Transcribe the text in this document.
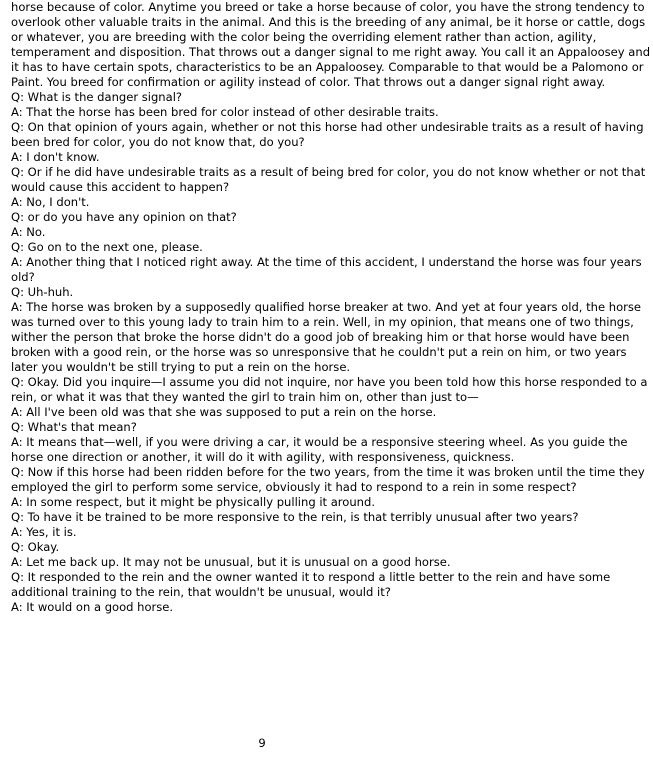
horse because of color. Anytime you breed or take a horse because of color, you have the strong tendency to overlook other valuable traits in the animal. And this is the breeding of any animal, be it horse or cattle, dogs or whatever, you are breeding with the color being the overriding element rather than action, agility, temperament and disposition. That throws out a danger signal to me right away. You call it an Appaloosey and it has to have certain spots, characteristics to be an Appaloosey. Comparable to that would be a Palomono or Paint. You breed for confirmation or agility instead of color. That throws out a danger signal right away.

Q: What is the danger signal?

A: That the horse has been bred for color instead of other desirable traits.

Q: On that opinion of yours again, whether or not this horse had other undesirable traits as a result of having been bred for color, you do not know that, do you?

A: I don't know.

Q: Or if he did have undesirable traits as a result of being bred for color, you do not know whether or not that would cause this accident to happen?

A: No, I don't.

Q: or do you have any opinion on that?

A: No.

Q: Go on to the next one, please.

A: Another thing that I noticed right away. At the time of this accident, I understand the horse was four years old?

Q: Uh-huh.

A: The horse was broken by a supposedly qualified horse breaker at two. And yet at four years old, the horse was turned over to this young lady to train him to a rein. Well, in my opinion, that means one of two things, wither the person that broke the horse didn't do a good job of breaking him or that horse would have been broken with a good rein, or the horse was so unresponsive that he couldn't put a rein on him, or two years later you wouldn't be still trying to put a rein on the horse.

Q: Okay. Did you inquire—I assume you did not inquire, nor have you been told how this horse responded to a rein, or what it was that they wanted the girl to train him on, other than just to—

A: All I've been old was that she was supposed to put a rein on the horse.

Q: What's that mean?

A: It means that—well, if you were driving a car, it would be a responsive steering wheel. As you guide the horse one direction or another, it will do it with agility, with responsiveness, quickness.

Q: Now if this horse had been ridden before for the two years, from the time it was broken until the time they employed the girl to perform some service, obviously it had to respond to a rein in some respect?

A: In some respect, but it might be physically pulling it around.

Q: To have it be trained to be more responsive to the rein, is that terribly unusual after two years?

A: Yes, it is.

Q: Okay.

A: Let me back up. It may not be unusual, but it is unusual on a good horse.

Q: It responded to the rein and the owner wanted it to respond a little better to the rein and have some additional training to the rein, that wouldn't be unusual, would it?

A: It would on a good horse.

9
